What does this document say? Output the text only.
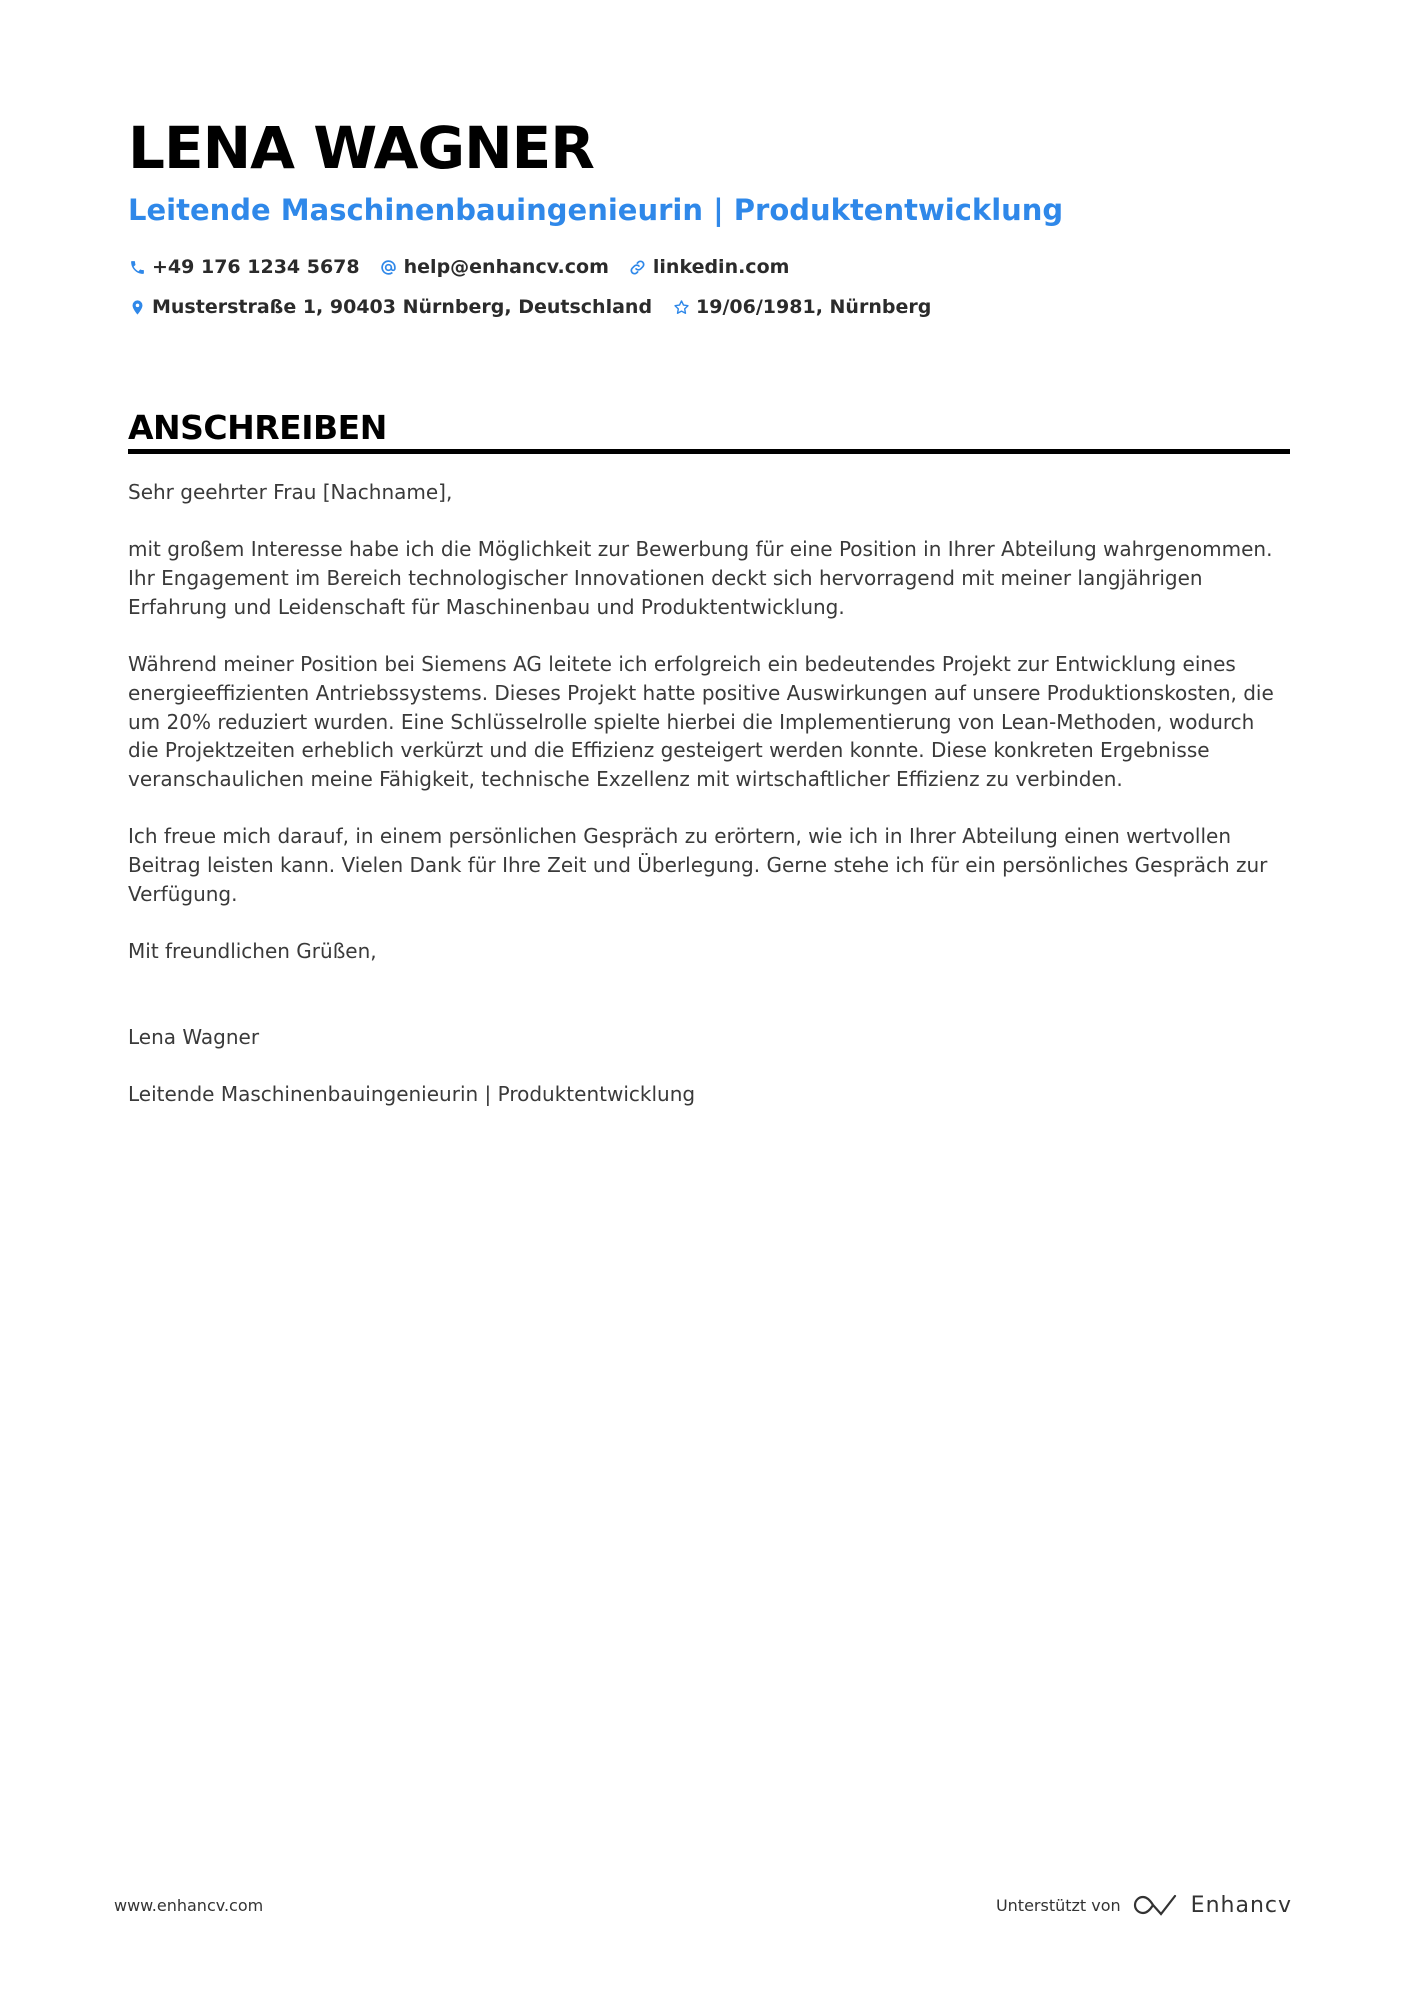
LENA WAGNER
Leitende Maschinenbauingenieurin | Produktentwicklung
+49 176 1234 5678 help@enhancv.com linkedin.com
Musterstraße 1, 90403 Nürnberg, Deutschland 19/06/1981, Nürnberg
ANSCHREIBEN

Sehr geehrter Frau [Nachname],

mit großem Interesse habe ich die Möglichkeit zur Bewerbung für eine Position in Ihrer Abteilung wahrgenommen. Ihr Engagement im Bereich technologischer Innovationen deckt sich hervorragend mit meiner langjährigen Erfahrung und Leidenschaft für Maschinenbau und Produktentwicklung.

Während meiner Position bei Siemens AG leitete ich erfolgreich ein bedeutendes Projekt zur Entwicklung eines energieeffizienten Antriebssystems. Dieses Projekt hatte positive Auswirkungen auf unsere Produktionskosten, die um 20% reduziert wurden. Eine Schlüsselrolle spielte hierbei die Implementierung von Lean-Methoden, wodurch die Projektzeiten erheblich verkürzt und die Effizienz gesteigert werden konnte. Diese konkreten Ergebnisse veranschaulichen meine Fähigkeit, technische Exzellenz mit wirtschaftlicher Effizienz zu verbinden.

Ich freue mich darauf, in einem persönlichen Gespräch zu erörtern, wie ich in Ihrer Abteilung einen wertvollen Beitrag leisten kann. Vielen Dank für Ihre Zeit und Überlegung. Gerne stehe ich für ein persönliches Gespräch zur Verfügung.

Mit freundlichen Grüßen,

Lena Wagner

Leitende Maschinenbauingenieurin | Produktentwicklung

www.enhancv.com	Unterstützt von	Enhancv
